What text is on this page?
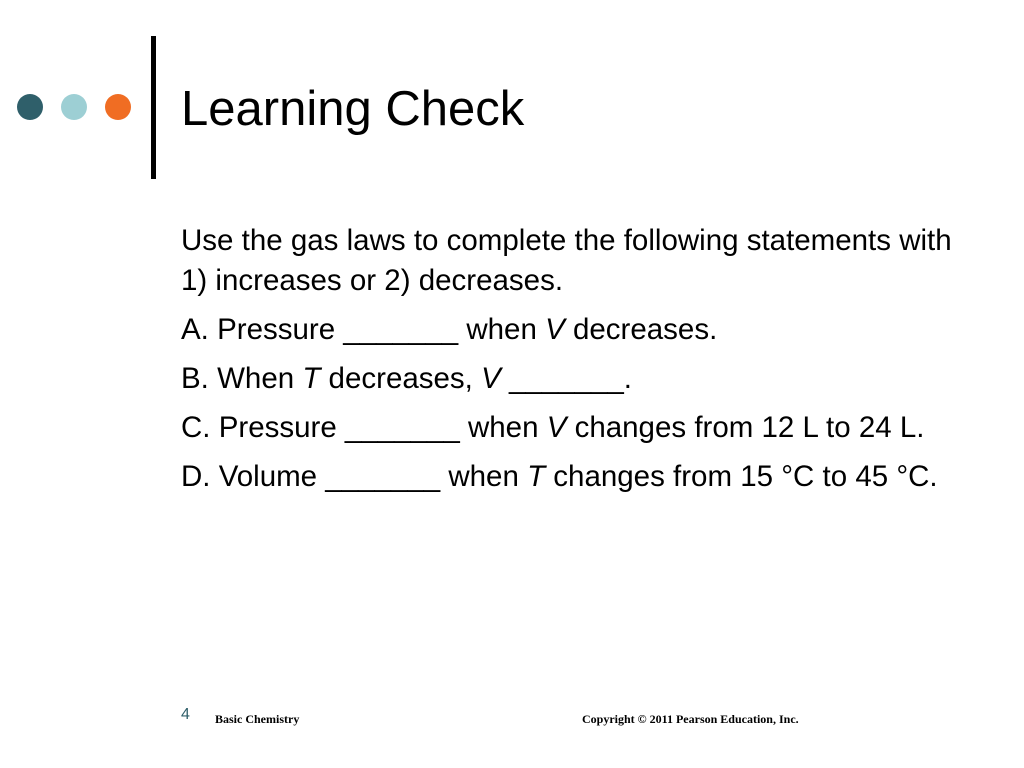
Learning Check

Use the gas laws to complete the following statements with 1) increases or 2) decreases.

A. Pressure _______ when V decreases.

B. When T decreases, V _______.

C. Pressure _______ when V changes from 12 L to 24 L.

D. Volume _______ when T changes from 15 °C to 45 °C.

4 Basic Chemistry	Copyright © 2011 Pearson Education, Inc.
